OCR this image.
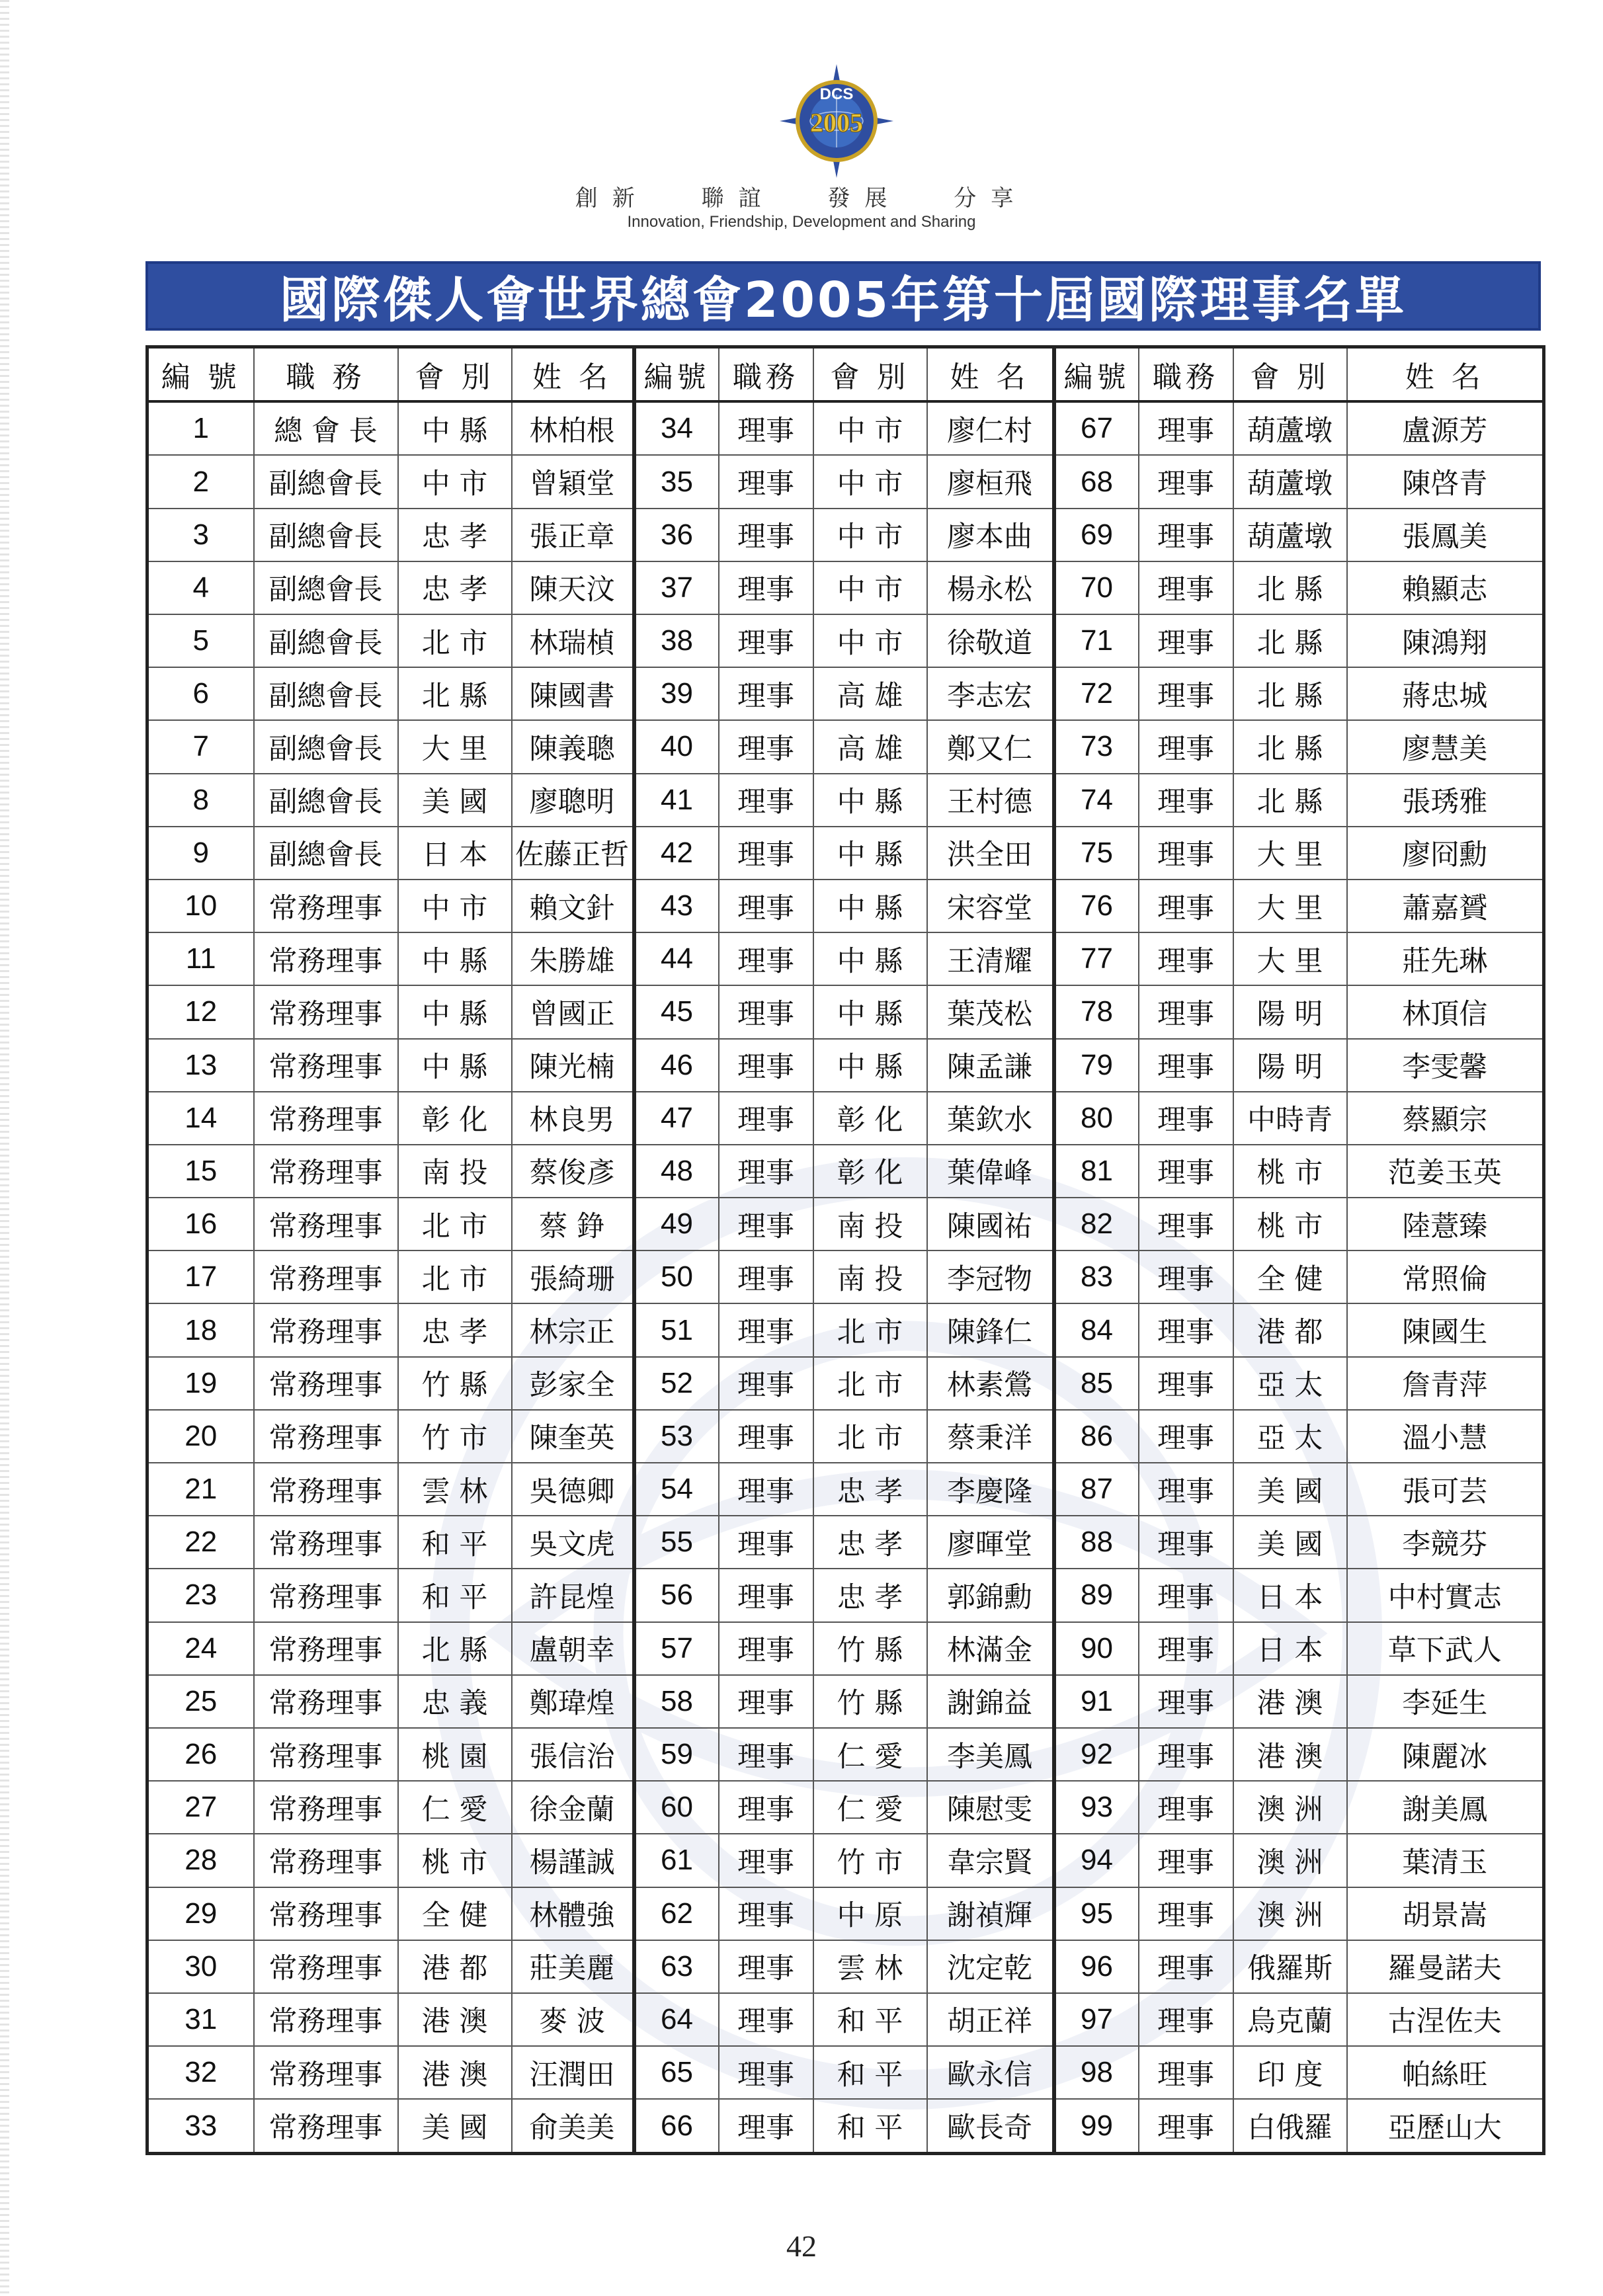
DCS
2005
創新 聯誼 發展 分享
Innovation, Friendship, Development and Sharing
國際傑人會世界總會2005年第十屆國際理事名單
編 號	職 務	會 別	姓 名	編號	職務	會 別	姓 名	編號	職務	會 別	姓 名
1	總 會 長	中 縣	林柏根	34	理事	中 市	廖仁村	67	理事	葫蘆墩	盧源芳
2	副總會長	中 市	曾穎堂	35	理事	中 市	廖桓飛	68	理事	葫蘆墩	陳啓青
3	副總會長	忠 孝	張正章	36	理事	中 市	廖本曲	69	理事	葫蘆墩	張鳳美
4	副總會長	忠 孝	陳天汶	37	理事	中 市	楊永松	70	理事	北 縣	賴顯志
5	副總會長	北 市	林瑞楨	38	理事	中 市	徐敬道	71	理事	北 縣	陳鴻翔
6	副總會長	北 縣	陳國書	39	理事	高 雄	李志宏	72	理事	北 縣	蔣忠城
7	副總會長	大 里	陳義聰	40	理事	高 雄	鄭又仁	73	理事	北 縣	廖慧美
8	副總會長	美 國	廖聰明	41	理事	中 縣	王村德	74	理事	北 縣	張琇雅
9	副總會長	日 本	佐藤正哲	42	理事	中 縣	洪全田	75	理事	大 里	廖冏勳
10	常務理事	中 市	賴文針	43	理事	中 縣	宋容堂	76	理事	大 里	蕭嘉贇
11	常務理事	中 縣	朱勝雄	44	理事	中 縣	王清耀	77	理事	大 里	莊先琳
12	常務理事	中 縣	曾國正	45	理事	中 縣	葉茂松	78	理事	陽 明	林頂信
13	常務理事	中 縣	陳光楠	46	理事	中 縣	陳孟謙	79	理事	陽 明	李雯馨
14	常務理事	彰 化	林良男	47	理事	彰 化	葉欽水	80	理事	中時青	蔡顯宗
15	常務理事	南 投	蔡俊彥	48	理事	彰 化	葉偉峰	81	理事	桃 市	范姜玉英
16	常務理事	北 市	蔡 錚	49	理事	南 投	陳國祐	82	理事	桃 市	陸薏臻
17	常務理事	北 市	張綺珊	50	理事	南 投	李冠物	83	理事	全 健	常照倫
18	常務理事	忠 孝	林宗正	51	理事	北 市	陳鋒仁	84	理事	港 都	陳國生
19	常務理事	竹 縣	彭家全	52	理事	北 市	林素鶯	85	理事	亞 太	詹青萍
20	常務理事	竹 市	陳奎英	53	理事	北 市	蔡秉洋	86	理事	亞 太	溫小慧
21	常務理事	雲 林	吳德卿	54	理事	忠 孝	李慶隆	87	理事	美 國	張可芸
22	常務理事	和 平	吳文虎	55	理事	忠 孝	廖暉堂	88	理事	美 國	李競芬
23	常務理事	和 平	許昆煌	56	理事	忠 孝	郭錦勳	89	理事	日 本	中村實志
24	常務理事	北 縣	盧朝幸	57	理事	竹 縣	林滿金	90	理事	日 本	草下武人
25	常務理事	忠 義	鄭瑋煌	58	理事	竹 縣	謝錦益	91	理事	港 澳	李延生
26	常務理事	桃 園	張信治	59	理事	仁 愛	李美鳳	92	理事	港 澳	陳麗冰
27	常務理事	仁 愛	徐金蘭	60	理事	仁 愛	陳慰雯	93	理事	澳 洲	謝美鳳
28	常務理事	桃 市	楊謹誠	61	理事	竹 市	韋宗賢	94	理事	澳 洲	葉清玉
29	常務理事	全 健	林體強	62	理事	中 原	謝禎輝	95	理事	澳 洲	胡景嵩
30	常務理事	港 都	莊美麗	63	理事	雲 林	沈定乾	96	理事	俄羅斯	羅曼諾夫
31	常務理事	港 澳	麥 波	64	理事	和 平	胡正祥	97	理事	烏克蘭	古涅佐夫
32	常務理事	港 澳	汪潤田	65	理事	和 平	歐永信	98	理事	印 度	帕絲旺
33	常務理事	美 國	俞美美	66	理事	和 平	歐長奇	99	理事	白俄羅	亞歷山大
42
